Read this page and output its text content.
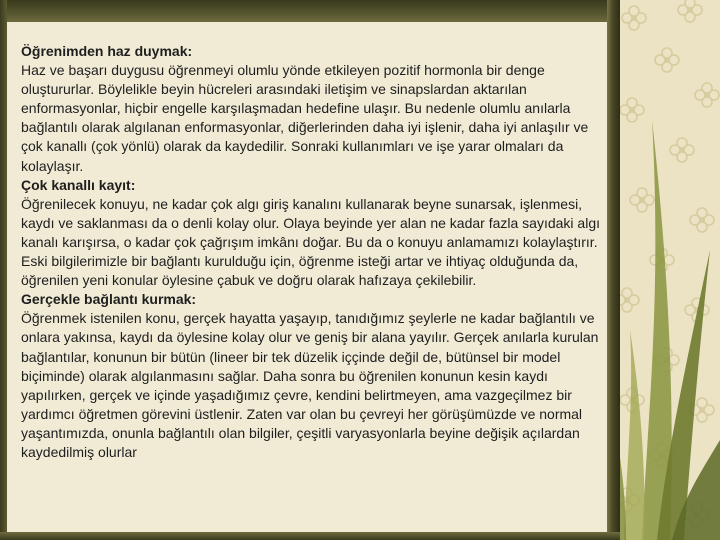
Öğrenimden haz duymak:
Haz ve başarı duygusu öğrenmeyi olumlu yönde etkileyen pozitif hormonla bir denge oluştururlar. Böylelikle beyin hücreleri arasındaki iletişim ve sinapslardan aktarılan enformasyonlar, hiçbir engelle karşılaşmadan hedefine ulaşır. Bu nedenle olumlu anılarla bağlantılı olarak algılanan enformasyonlar, diğerlerinden daha iyi işlenir, daha iyi anlaşılır ve çok kanallı (çok yönlü) olarak da kaydedilir. Sonraki kullanımları ve işe yarar olmaları da kolaylaşır.
Çok kanallı kayıt:
Öğrenilecek konuyu, ne kadar çok algı giriş kanalını kullanarak beyne sunarsak, işlenmesi, kaydı ve saklanması da o denli kolay olur. Olaya beyinde yer alan ne kadar fazla sayıdaki algı kanalı karışırsa, o kadar çok çağrışım imkânı doğar. Bu da o konuyu anlamamızı kolaylaştırır. Eski bilgilerimizle bir bağlantı kurulduğu için, öğrenme isteği artar ve ihtiyaç olduğunda da, öğrenilen yeni konular öylesine çabuk ve doğru olarak hafızaya çekilebilir.
Gerçekle bağlantı kurmak:
Öğrenmek istenilen konu, gerçek hayatta yaşayıp, tanıdığımız şeylerle ne kadar bağlantılı ve onlara yakınsa, kaydı da öylesine kolay olur ve geniş bir alana yayılır. Gerçek anılarla kurulan bağlantılar, konunun bir bütün (lineer bir tek düzelik iççinde değil de, bütünsel bir model biçiminde) olarak algılanmasını sağlar. Daha sonra bu öğrenilen konunun kesin kaydı yapılırken, gerçek ve içinde yaşadığımız çevre, kendini belirtmeyen, ama vazgeçilmez bir yardımcı öğretmen görevini üstlenir. Zaten var olan bu çevreyi her görüşümüzde ve normal yaşantımızda, onunla bağlantılı olan bilgiler, çeşitli varyasyonlarla beyine değişik açılardan kaydedilmiş olurlar
